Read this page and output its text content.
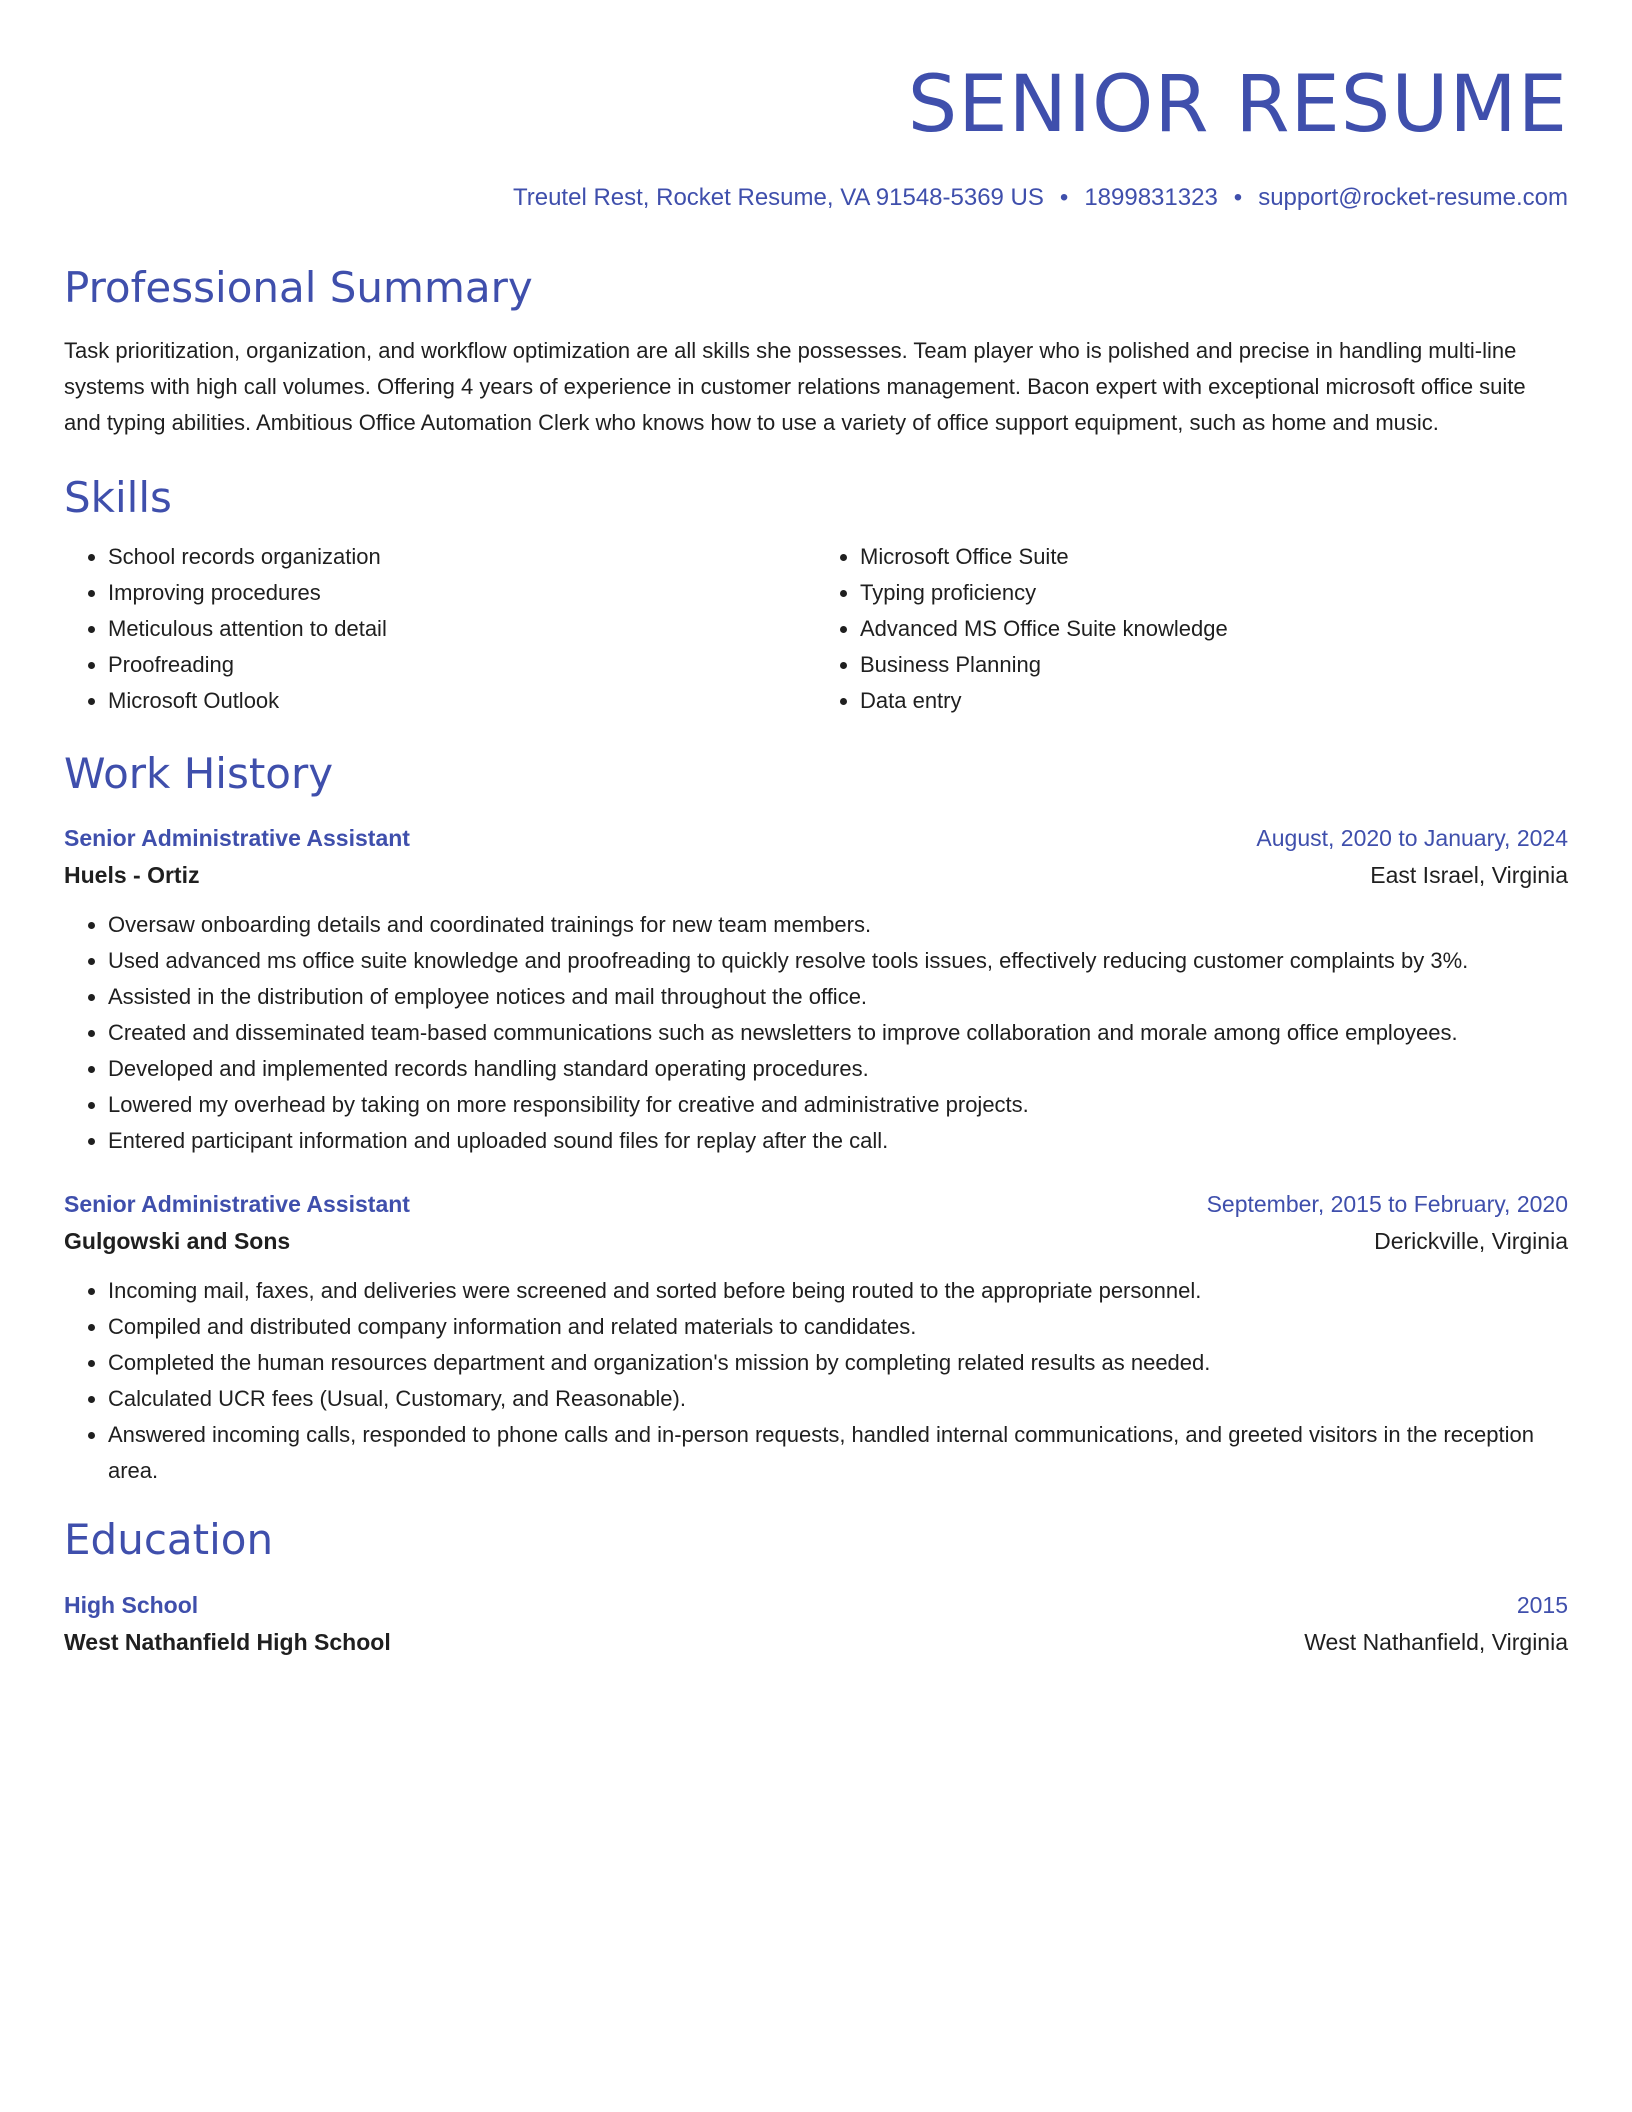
SENIOR RESUME
Treutel Rest, Rocket Resume, VA 91548-5369 US • 1899831323 • support@rocket-resume.com
Professional Summary

Task prioritization, organization, and workflow optimization are all skills she possesses. Team player who is polished and precise in handling multi-line systems with high call volumes. Offering 4 years of experience in customer relations management. Bacon expert with exceptional microsoft office suite and typing abilities. Ambitious Office Automation Clerk who knows how to use a variety of office support equipment, such as home and music.

Skills
• School records organization
• Improving procedures
• Meticulous attention to detail
• Proofreading
• Microsoft Outlook
• Microsoft Office Suite
• Typing proficiency
• Advanced MS Office Suite knowledge
• Business Planning
• Data entry
Work History
Senior Administrative Assistant	August, 2020 to January, 2024
Huels - Ortiz	East Israel, Virginia
• Oversaw onboarding details and coordinated trainings for new team members.
• Used advanced ms office suite knowledge and proofreading to quickly resolve tools issues, effectively reducing customer complaints by 3%.
• Assisted in the distribution of employee notices and mail throughout the office.
• Created and disseminated team-based communications such as newsletters to improve collaboration and morale among office employees.
• Developed and implemented records handling standard operating procedures.
• Lowered my overhead by taking on more responsibility for creative and administrative projects.
• Entered participant information and uploaded sound files for replay after the call.
Senior Administrative Assistant	September, 2015 to February, 2020
Gulgowski and Sons	Derickville, Virginia
• Incoming mail, faxes, and deliveries were screened and sorted before being routed to the appropriate personnel.
• Compiled and distributed company information and related materials to candidates.
• Completed the human resources department and organization's mission by completing related results as needed.
• Calculated UCR fees (Usual, Customary, and Reasonable).
• Answered incoming calls, responded to phone calls and in-person requests, handled internal communications, and greeted visitors in the reception area.
Education
High School	2015
West Nathanfield High School	West Nathanfield, Virginia
